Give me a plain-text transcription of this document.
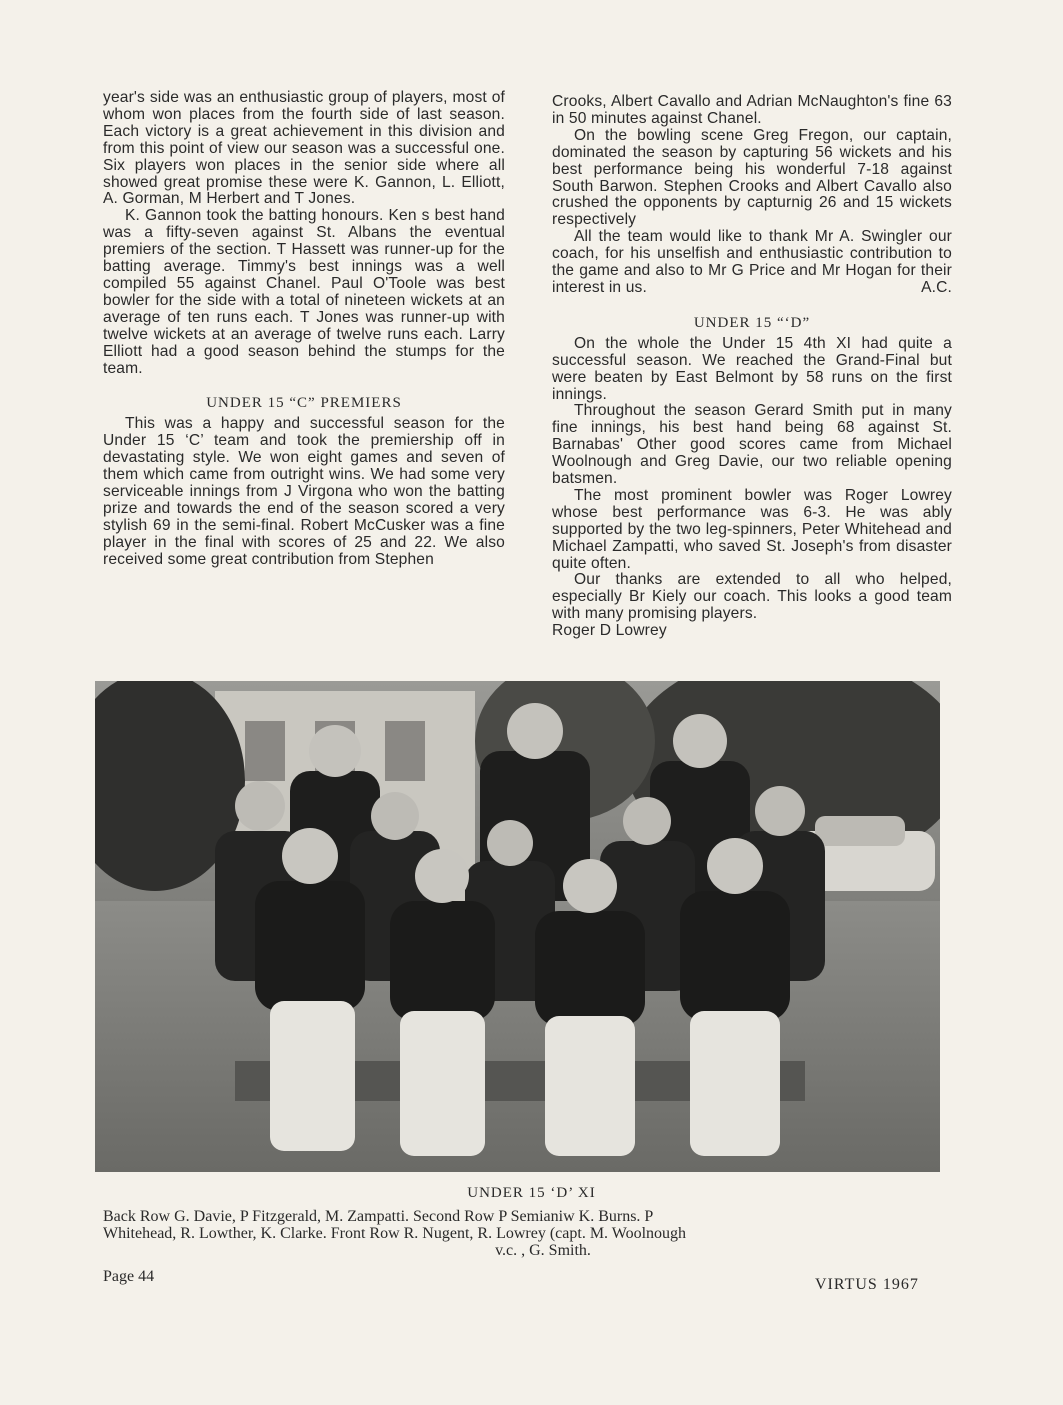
year's side was an enthusiastic group of players, most of whom won places from the fourth side of last season. Each victory is a great achievement in this division and from this point of view our season was a successful one. Six players won places in the senior side where all showed great promise these were K. Gannon, L. Elliott, A. Gorman, M Herbert and T Jones.

K. Gannon took the batting honours. Ken s best hand was a fifty-seven against St. Albans the eventual premiers of the section. T Hassett was runner-up for the batting average. Timmy's best innings was a well compiled 55 against Chanel. Paul O'Toole was best bowler for the side with a total of nineteen wickets at an average of ten runs each. T Jones was runner-up with twelve wickets at an average of twelve runs each. Larry Elliott had a good season behind the stumps for the team.

UNDER 15 “C” PREMIERS

This was a happy and successful season for the Under 15 ‘C’ team and took the premiership off in devastating style. We won eight games and seven of them which came from outright wins. We had some very serviceable innings from J Virgona who won the batting prize and towards the end of the season scored a very stylish 69 in the semi-final. Robert McCusker was a fine player in the final with scores of 25 and 22. We also received some great contribution from Stephen

Crooks, Albert Cavallo and Adrian McNaughton's fine 63 in 50 minutes against Chanel.

On the bowling scene Greg Fregon, our captain, dominated the season by capturing 56 wickets and his best performance being his wonderful 7-18 against South Barwon. Stephen Crooks and Albert Cavallo also crushed the opponents by capturnig 26 and 15 wickets respectively

All the team would like to thank Mr A. Swingler our coach, for his unselfish and enthusiastic contribution to the game and also to Mr G Price and Mr Hogan for their interest in us.	A.C.

UNDER 15 “‘D”

On the whole the Under 15 4th XI had quite a successful season. We reached the Grand-Final but were beaten by East Belmont by 58 runs on the first innings.

Throughout the season Gerard Smith put in many fine innings, his best hand being 68 against St. Barnabas' Other good scores came from Michael Woolnough and Greg Davie, our two reliable opening batsmen.

The most prominent bowler was Roger Lowrey whose best performance was 6-3. He was ably supported by the two leg-spinners, Peter Whitehead and Michael Zampatti, who saved St. Joseph's from disaster quite often.

Our thanks are extended to all who helped, especially Br Kiely our coach. This looks a good team with many promising players.

Roger D Lowrey

UNDER 15 ‘D’ XI
Back Row G. Davie, P Fitzgerald, M. Zampatti. Second Row P Semianiw K. Burns. P
Whitehead, R. Lowther, K. Clarke. Front Row R. Nugent, R. Lowrey (capt. M. Woolnough
v.c. , G. Smith.
Page 44	VIRTUS 1967
